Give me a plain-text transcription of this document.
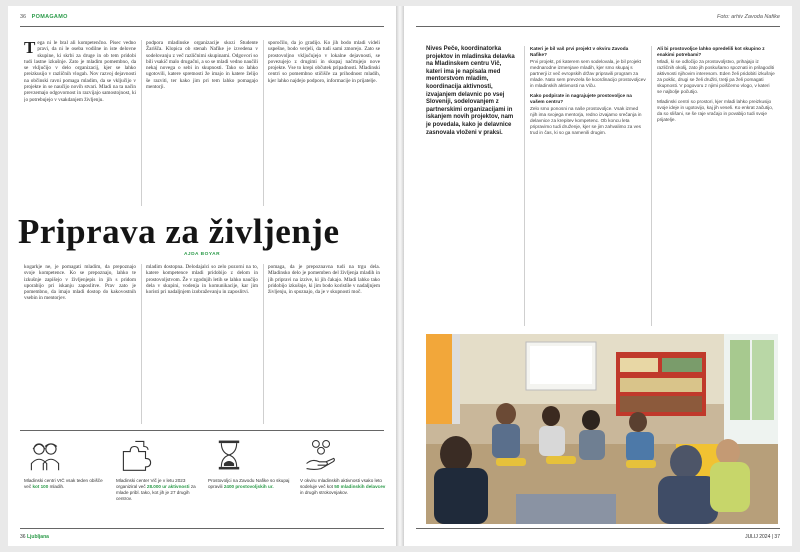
36 POMAGAMO
Tega ni le bral ali kompetenčno. Pisec vedno pravi, da ni le oseba vodilne in iste delovne skupine, ki skrbi za druge in ob tem pridobi tudi lastne izkušnje. Zato je mladim pomembno, da se vključijo v delo organizacij, kjer se lahko preizkusijo v različnih vlogah. Nov razvoj dejavnosti na občinski ravni pomaga mladim, da se vključijo v projekte in se naučijo novih stvari. Mladi na ta način prevzemajo odgovornost in razvijajo samostojnost, ki jo potrebujejo v vsakdanjem življenju.
podpora mladinske organizacije skozi Študente Žarišča. Klopica ob stenah Nafike je izvedena v sodelovanju z več različnimi skupinami. Odgovori so bili vsakič malo drugačni, a so se mladi vedno naučili nekaj novega o sebi in skupnosti. Tako so lahko ugotovili, katere spretnosti že imajo in katere želijo še razviti, ter kako jim pri tem lahko pomagajo mentorji.
sporočilo, da jo gradijo. Ko jih bodo mladi videli uspešne, bodo verjeli, da tudi sami zmorejo. Zato se prostovoljno vključujejo v lokalne dejavnosti, se povezujejo z drugimi in skupaj načrtujejo nove projekte. Vse to krepi občutek pripadnosti. Mladinski centri so pomembno stičišče za prihodnost mladih, kjer lahko najdejo podporo, informacije in prijatelje.
Priprava za življenje
AJDA BOYAR
kogarkje ne, je pomagati mladim, da prepoznajo svoje kompetence. Ko se prepoznajo, lahko te izkušnje zapišejo v življenjepis in jih s pridom uporabijo pri iskanju zaposlitve. Prav zato je pomembno, da imajo mladi dostop do kakovostnih vsebin in mentorjev.
mladim dostopna. Delodajalci so zelo pozorni na to, katere kompetence mladi pridobijo z delom in prostovoljstvom. Že v zgodnjih letih se lahko naučijo dela v skupini, vodenja in komunikacije, kar jim koristi pri nadaljnjem izobraževanju in zaposlitvi.
pomaga, da je prepoznavna tudi na trgu dela. Mladinsko delo je pomemben del življenja mladih in jih pripravi na izzive, ki jih čakajo. Mladi lahko tako pridobijo izkušnje, ki jim bodo koristile v nadaljnjem življenju, in spoznajo, da je v skupnosti moč.
Mladinski centri VIČ vsak teden obišče več kot 100 mladih.
Mladinski center Vič je v letu 2023 organiziral več 28.000 ur aktivnosti za mlade pribl. tako, kot jih je 27 drugih centrov.
Prostovoljci na Zavodu Nafike so skupaj opravili 2400 prostovoljskih ur.
V okviru mladinskih aktivnosti vsako leto sodeluje več kot 50 mladinskih delavcev in drugih strokovnjakov.
36 Ljubljana
Foto: arhiv Zavoda Nafike
Nives Peče, koordinatorka projektov in mladinska delavka na Mladinskem centru Vič, kateri ima je napisala med mentorstvom mladim, koordinacija aktivnosti, izvajanjem delavnic po vsej Sloveniji, sodelovanjem z partnerskimi organizacijami in iskanjem novih projektov, nam je povedala, kako je delavnice zasnovala vloženi v praksi.
Kateri je bil vaš prvi projekt v okviru Zavoda Nafike?
Prvi projekt, pri katerem sem sodelovala, je bil projekt mednarodne izmenjave mladih, kjer smo skupaj s partnerji iz več evropskih držav pripravili program za mlade. Nato sem prevzela še koordinacijo prostovoljcev in mladinskih aktivnosti na Viču.
Kako podpirate in nagrajujete prostovoljce na vašem centru?
Zelo smo ponosni na naše prostovoljce. Vsak izmed njih ima svojega mentorja, redno izvajamo srečanja in delavnice za krepitev kompetenc. Ob koncu leta pripravimo tudi druženje, kjer se jim zahvalimo za ves trud in čas, ki so ga namenili drugim.
Ali bi prostovoljce lahko opredelili kot skupino z enakimi potrebami?
Mladi, ki se odločijo za prostovoljstvo, prihajajo iz različnih okolij, zato jih poskušamo spoznati in prilagoditi aktivnosti njihovim interesom. Eden želi pridobiti izkušnje za poklic, drugi se želi družiti, tretji pa želi pomagati skupnosti. V pogovoru z njimi poiščemo vlogo, v kateri se najbolje počutijo.
Mladinski centri so prostori, kjer mladi lahko preizkusijo svoje ideje in ugotovijo, kaj jih veseli. Ko enkrat začutijo, da so slišani, se še raje vračajo in povabijo tudi svoje prijatelje.
JULIJ 2024 | 37
